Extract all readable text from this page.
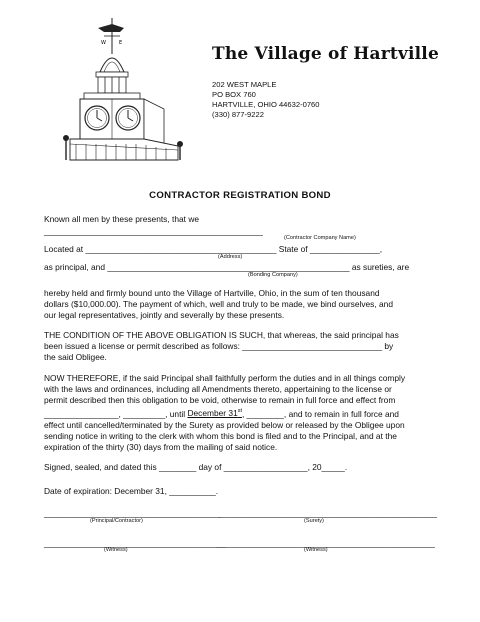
W	E
The Village of Hartville
202 WEST MAPLE
PO BOX 760
HARTVILLE, OHIO 44632-0760
(330) 877-9222
CONTRACTOR REGISTRATION BOND
Known all men by these presents, that we
_______________________________________________
(Contractor Company Name)
Located at _________________________________________ State of _______________,
(Address)
as principal, and ____________________________________________________ as sureties, are
(Bonding Company)
hereby held and firmly bound unto the Village of Hartville, Ohio, in the sum of ten thousand
dollars ($10,000.00). The payment of which, well and truly to be made, we bind ourselves, and
our legal representatives, jointly and severally by these presents.
THE CONDITION OF THE ABOVE OBLIGATION IS SUCH, that whereas, the said principal has
been issued a license or permit described as follows: ______________________________ by
the said Obligee.
NOW THEREFORE, if the said Principal shall faithfully perform the duties and in all things comply
with the laws and ordinances, including all Amendments thereto, appertaining to the license or
permit described then this obligation to be void, otherwise to remain in full force and effect from
________________, _________, until December 31st, ________, and to remain in full force and
effect until cancelled/terminated by the Surety as provided below or released by the Obligee upon
sending notice in writing to the clerk with whom this bond is filed and to the Principal, and at the
expiration of the thirty (30) days from the mailing of said notice.
Signed, sealed, and dated this ________ day of __________________, 20_____.
Date of expiration: December 31, __________.
______________________________________
_______________________________________________
(Principal/Contractor)	(Surety)
_______________________________________
_______________________________________________
(Witness)	(Witness)
